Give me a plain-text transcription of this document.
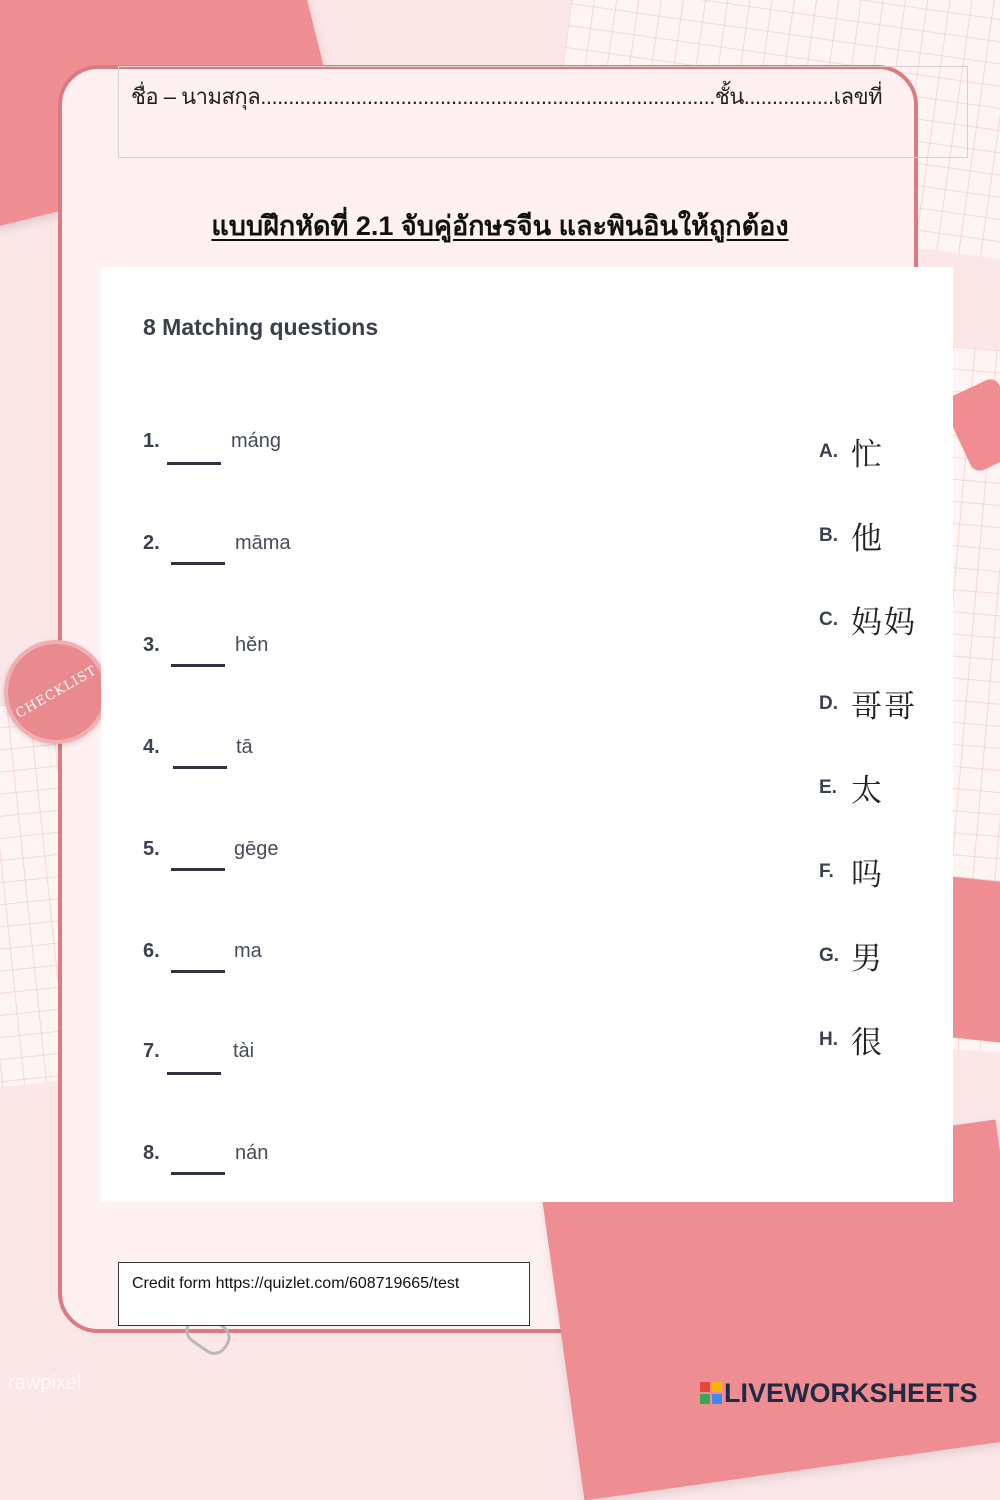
CHECKLIST
rawpixel
ชื่อ – นามสกุล.................................................................................ชั้น................เลขที่
แบบฝึกหัดที่ 2.1 จับคู่อักษรจีน และพินอินให้ถูกต้อง
8 Matching questions
1.	máng
2.	māma
3.	hěn
4.	tā
5.	gēge
6.	ma
7.	tài
8.	nán
A. 忙
B. 他
C. 妈妈
D. 哥哥
E. 太
F. 吗
G. 男
H. 很
Credit form https://quizlet.com/608719665/test
LIVEWORKSHEETS
